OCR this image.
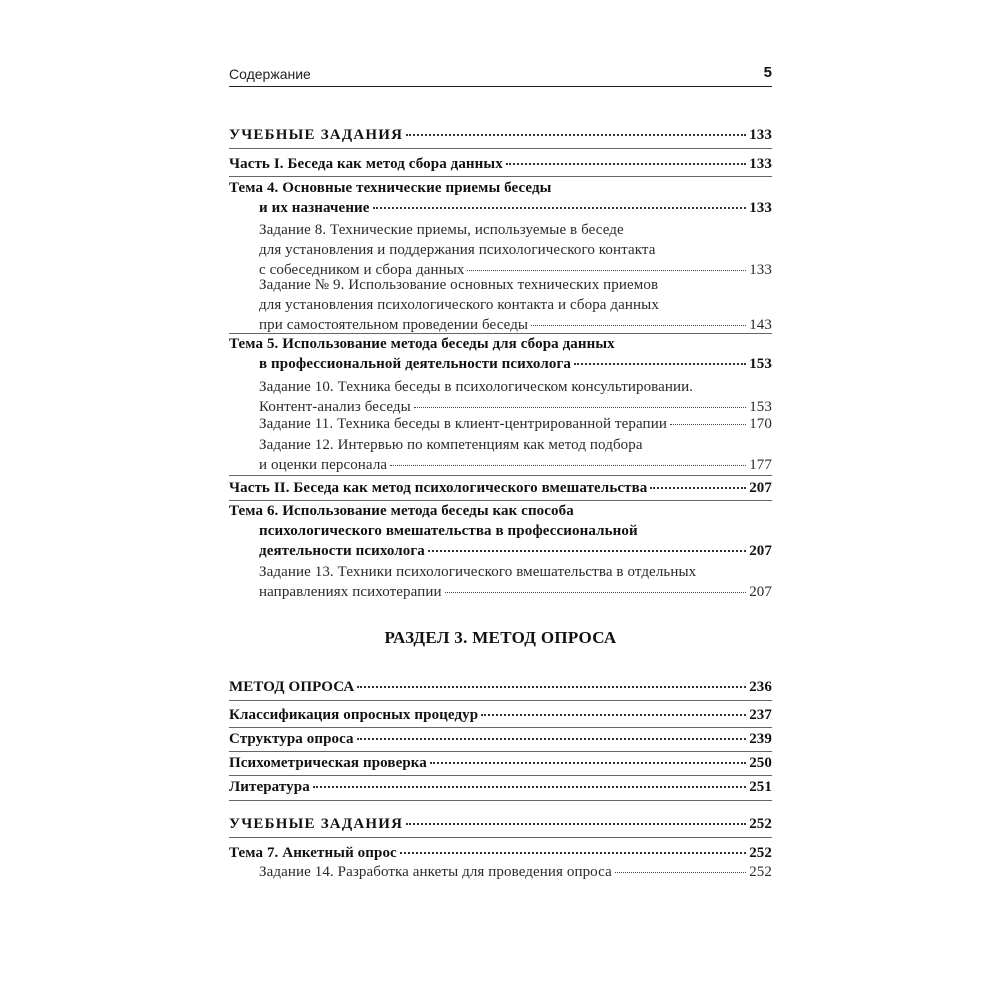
Содержание	5
УЧЕБНЫЕ ЗАДАНИЯ	133
Часть I. Беседа как метод сбора данных	133
Тема 4. Основные технические приемы беседы
и их назначение	133
Задание 8. Технические приемы, используемые в беседе
для установления и поддержания психологического контакта
с собеседником и сбора данных	133
Задание № 9. Использование основных технических приемов
для установления психологического контакта и сбора данных
при самостоятельном проведении беседы	143
Тема 5. Использование метода беседы для сбора данных
в профессиональной деятельности психолога	153
Задание 10. Техника беседы в психологическом консультировании.
Контент-анализ беседы	153
Задание 11. Техника беседы в клиент-центрированной терапии	170
Задание 12. Интервью по компетенциям как метод подбора
и оценки персонала	177
Часть II. Беседа как метод психологического вмешательства	207
Тема 6. Использование метода беседы как способа
психологического вмешательства в профессиональной
деятельности психолога	207
Задание 13. Техники психологического вмешательства в отдельных
направлениях психотерапии	207
РАЗДЕЛ 3. МЕТОД ОПРОСА
МЕТОД ОПРОСА	236
Классификация опросных процедур	237
Структура опроса	239
Психометрическая проверка	250
Литература	251
УЧЕБНЫЕ ЗАДАНИЯ	252
Тема 7. Анкетный опрос	252
Задание 14. Разработка анкеты для проведения опроса	252
